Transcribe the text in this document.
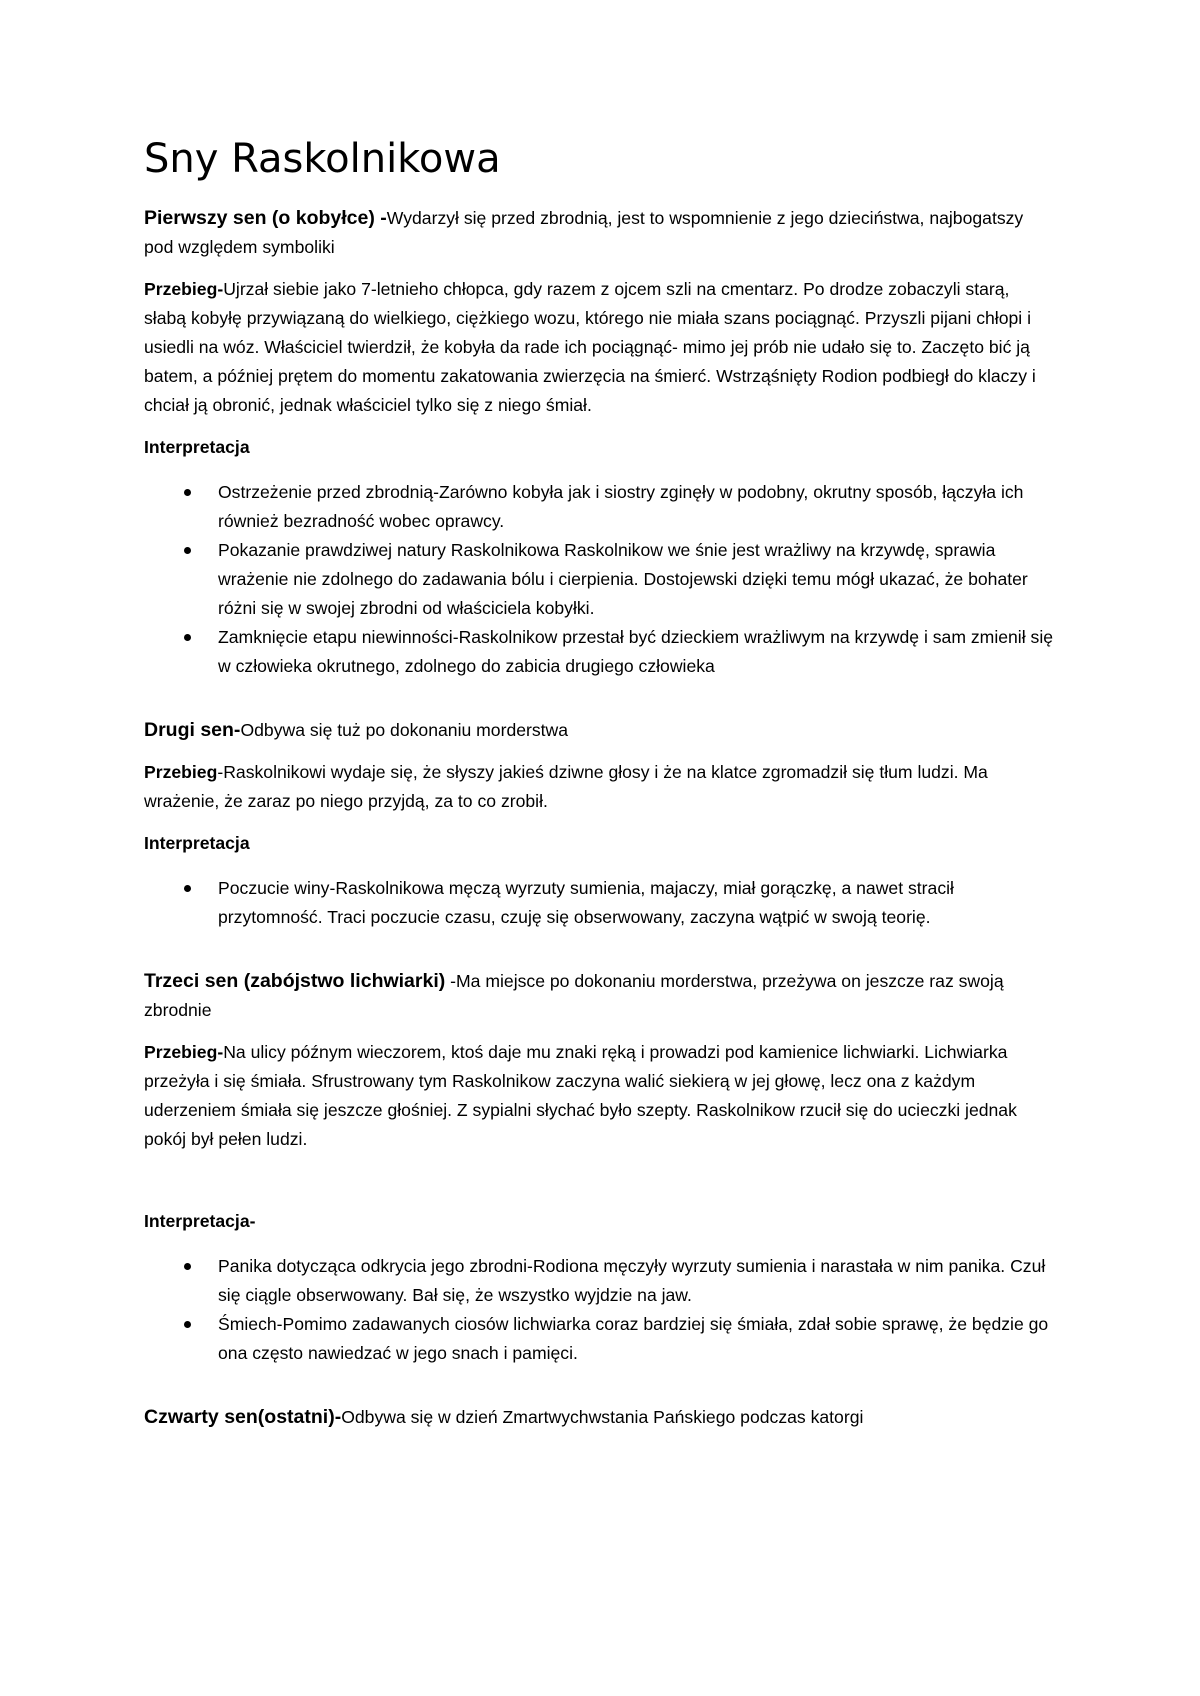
Sny Raskolnikowa

Pierwszy sen (o kobyłce) -Wydarzył się przed zbrodnią, jest to wspomnienie z jego dzieciństwa, najbogatszy pod względem symboliki

Przebieg-Ujrzał siebie jako 7-letnieho chłopca, gdy razem z ojcem szli na cmentarz. Po drodze zobaczyli starą, słabą kobyłę przywiązaną do wielkiego, ciężkiego wozu, którego nie miała szans pociągnąć. Przyszli pijani chłopi i usiedli na wóz. Właściciel twierdził, że kobyła da rade ich pociągnąć- mimo jej prób nie udało się to. Zaczęto bić ją batem, a później prętem do momentu zakatowania zwierzęcia na śmierć. Wstrząśnięty Rodion podbiegł do klaczy i chciał ją obronić, jednak właściciel tylko się z niego śmiał.

Interpretacja

Ostrzeżenie przed zbrodnią-Zarówno kobyła jak i siostry zginęły w podobny, okrutny sposób, łączyła ich również bezradność wobec oprawcy.
Pokazanie prawdziwej natury Raskolnikowa Raskolnikow we śnie jest wrażliwy na krzywdę, sprawia wrażenie nie zdolnego do zadawania bólu i cierpienia. Dostojewski dzięki temu mógł ukazać, że bohater różni się w swojej zbrodni od właściciela kobyłki.
Zamknięcie etapu niewinności-Raskolnikow przestał być dzieckiem wrażliwym na krzywdę i sam zmienił się w człowieka okrutnego, zdolnego do zabicia drugiego człowieka

Drugi sen-Odbywa się tuż po dokonaniu morderstwa

Przebieg-Raskolnikowi wydaje się, że słyszy jakieś dziwne głosy i że na klatce zgromadził się tłum ludzi. Ma wrażenie, że zaraz po niego przyjdą, za to co zrobił.

Interpretacja

Poczucie winy-Raskolnikowa męczą wyrzuty sumienia, majaczy, miał gorączkę, a nawet stracił przytomność. Traci poczucie czasu, czuję się obserwowany, zaczyna wątpić w swoją teorię.

Trzeci sen (zabójstwo lichwiarki) -Ma miejsce po dokonaniu morderstwa, przeżywa on jeszcze raz swoją zbrodnie

Przebieg-Na ulicy późnym wieczorem, ktoś daje mu znaki ręką i prowadzi pod kamienice lichwiarki. Lichwiarka przeżyła i się śmiała. Sfrustrowany tym Raskolnikow zaczyna walić siekierą w jej głowę, lecz ona z każdym uderzeniem śmiała się jeszcze głośniej. Z sypialni słychać było szepty. Raskolnikow rzucił się do ucieczki jednak pokój był pełen ludzi.

Interpretacja-

Panika dotycząca odkrycia jego zbrodni-Rodiona męczyły wyrzuty sumienia i narastała w nim panika. Czuł się ciągle obserwowany. Bał się, że wszystko wyjdzie na jaw.
Śmiech-Pomimo zadawanych ciosów lichwiarka coraz bardziej się śmiała, zdał sobie sprawę, że będzie go ona często nawiedzać w jego snach i pamięci.

Czwarty sen(ostatni)-Odbywa się w dzień Zmartwychwstania Pańskiego podczas katorgi
